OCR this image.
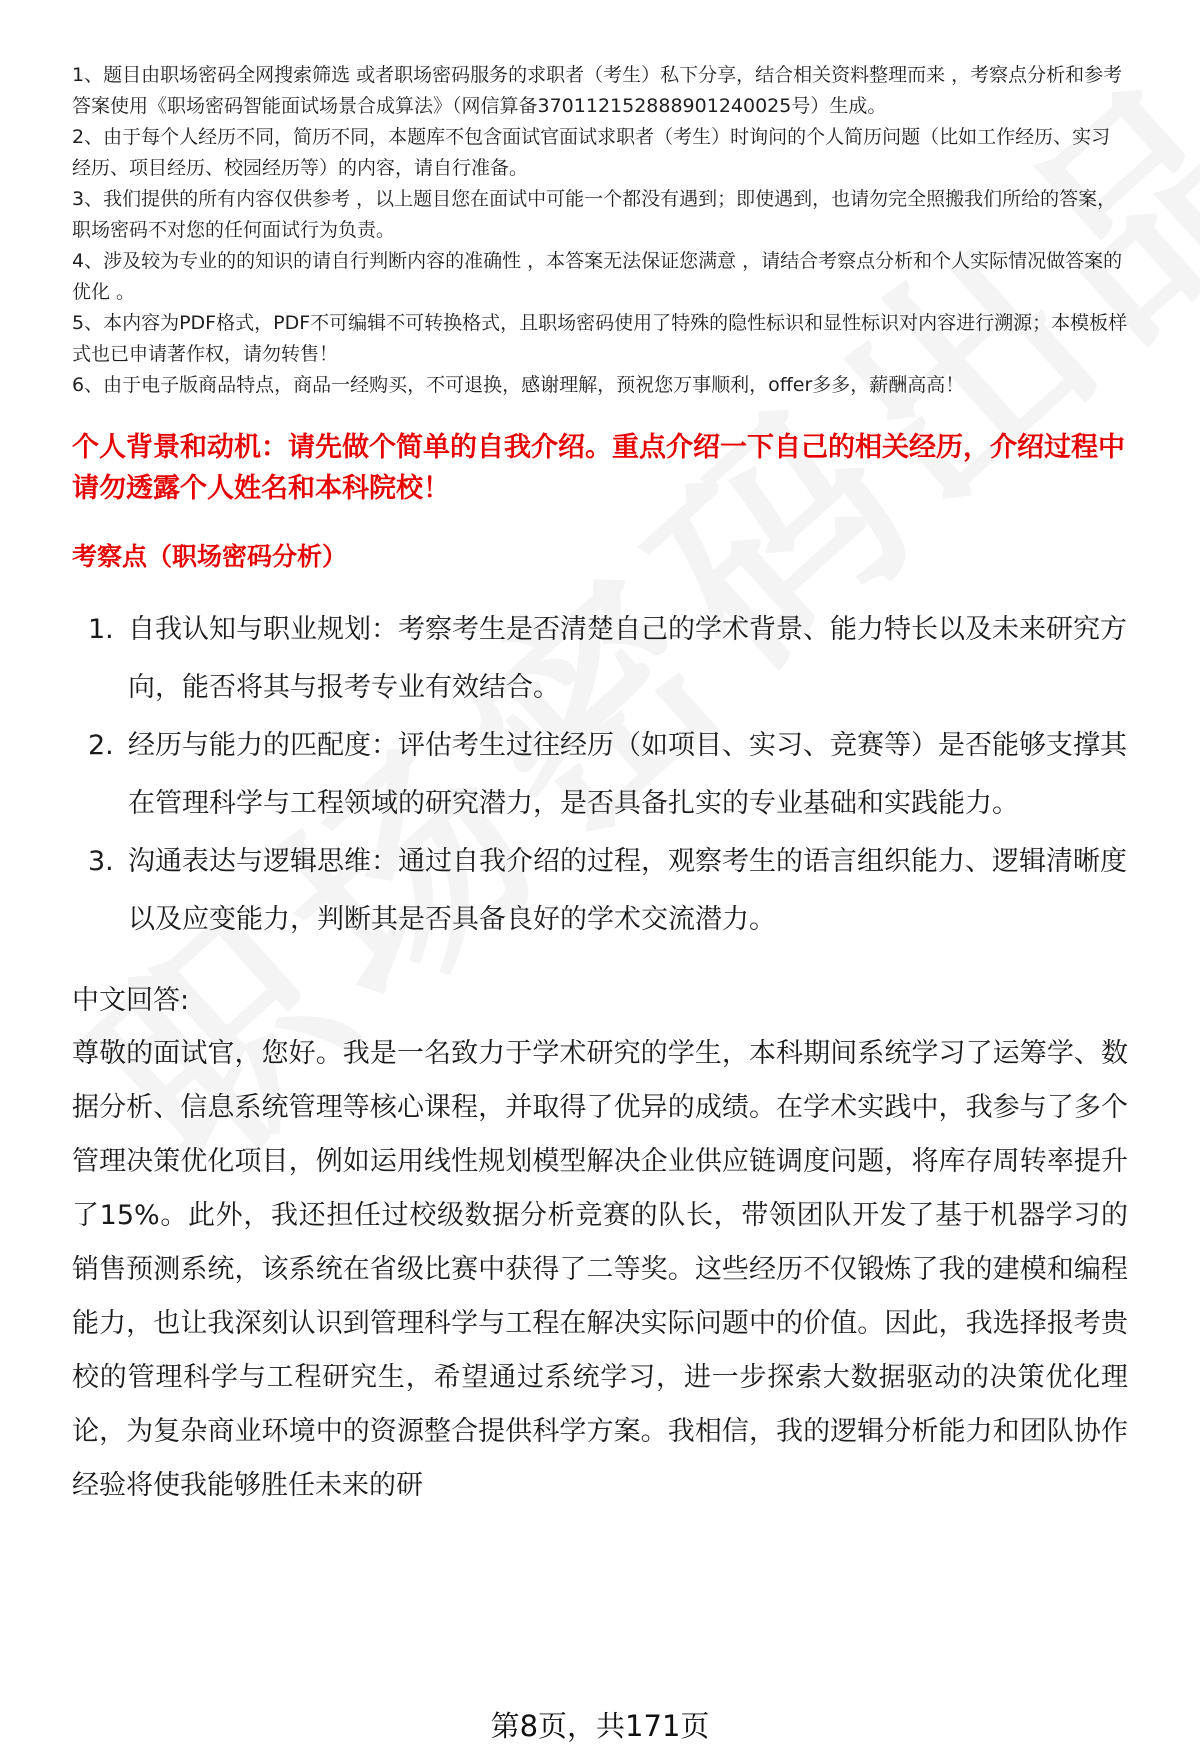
1、题目由职场密码全网搜索筛选 或者职场密码服务的求职者（考生）私下分享，结合相关资料整理而来 ，考察点分析和参考答案使用《职场密码智能面试场景合成算法》（网信算备370112152888901240025号）生成。
2、由于每个人经历不同，简历不同，本题库不包含面试官面试求职者（考生）时询问的个人简历问题（比如工作经历、实习经历、项目经历、校园经历等）的内容，请自行准备。
3、我们提供的所有内容仅供参考 ，以上题目您在面试中可能一个都没有遇到；即使遇到，也请勿完全照搬我们所给的答案，职场密码不对您的任何面试行为负责。
4、涉及较为专业的的知识的请自行判断内容的准确性 ，本答案无法保证您满意 ，请结合考察点分析和个人实际情况做答案的优化 。
5、本内容为PDF格式，PDF不可编辑不可转换格式，且职场密码使用了特殊的隐性标识和显性标识对内容进行溯源；本模板样式也已申请著作权，请勿转售！
6、由于电子版商品特点，商品一经购买，不可退换，感谢理解，预祝您万事顺利，offer多多，薪酬高高！
个人背景和动机：请先做个简单的自我介绍。重点介绍一下自己的相关经历，介绍过程中请勿透露个人姓名和本科院校！
考察点（职场密码分析）
1. 自我认知与职业规划：考察考生是否清楚自己的学术背景、能力特长以及未来研究方向，能否将其与报考专业有效结合。
2. 经历与能力的匹配度：评估考生过往经历（如项目、实习、竞赛等）是否能够支撑其在管理科学与工程领域的研究潜力，是否具备扎实的专业基础和实践能力。
3. 沟通表达与逻辑思维：通过自我介绍的过程，观察考生的语言组织能力、逻辑清晰度以及应变能力，判断其是否具备良好的学术交流潜力。
中文回答:
尊敬的面试官，您好。我是一名致力于学术研究的学生，本科期间系统学习了运筹学、数据分析、信息系统管理等核心课程，并取得了优异的成绩。在学术实践中，我参与了多个管理决策优化项目，例如运用线性规划模型解决企业供应链调度问题，将库存周转率提升了15%。此外，我还担任过校级数据分析竞赛的队长，带领团队开发了基于机器学习的销售预测系统，该系统在省级比赛中获得了二等奖。这些经历不仅锻炼了我的建模和编程能力，也让我深刻认识到管理科学与工程在解决实际问题中的价值。因此，我选择报考贵校的管理科学与工程研究生，希望通过系统学习，进一步探索大数据驱动的决策优化理论，为复杂商业环境中的资源整合提供科学方案。我相信，我的逻辑分析能力和团队协作经验将使我能够胜任未来的研
第8页，共171页
